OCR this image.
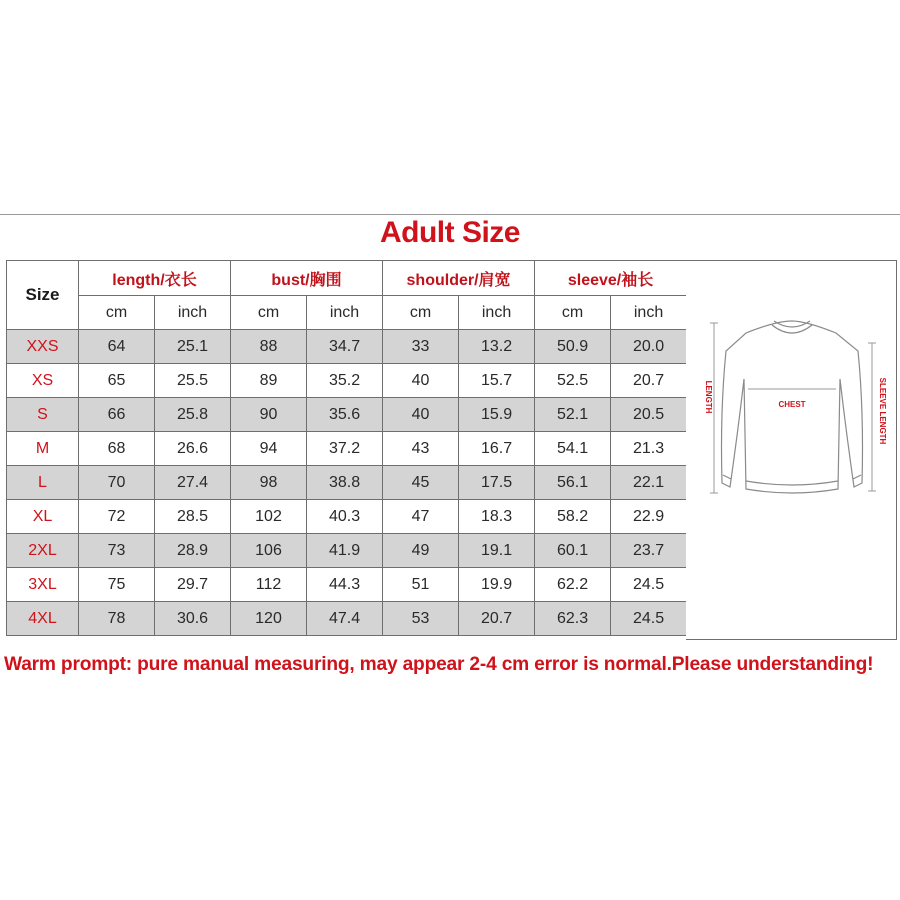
Adult Size
Size	length/衣长		bust/胸围		shoulder/肩宽		sleeve/袖长	
	cm	inch	cm	inch	cm	inch	cm	inch
XXS	64	25.1	88	34.7	33	13.2	50.9	20.0
XS	65	25.5	89	35.2	40	15.7	52.5	20.7
S	66	25.8	90	35.6	40	15.9	52.1	20.5
M	68	26.6	94	37.2	43	16.7	54.1	21.3
L	70	27.4	98	38.8	45	17.5	56.1	22.1
XL	72	28.5	102	40.3	47	18.3	58.2	22.9
2XL	73	28.9	106	41.9	49	19.1	60.1	23.7
3XL	75	29.7	112	44.3	51	19.9	62.2	24.5
4XL	78	30.6	120	47.4	53	20.7	62.3	24.5
LENGTH	CHEST	SLEEVE LENGTH
Warm prompt: pure manual measuring, may appear 2-4 cm error is normal.Please understanding!
